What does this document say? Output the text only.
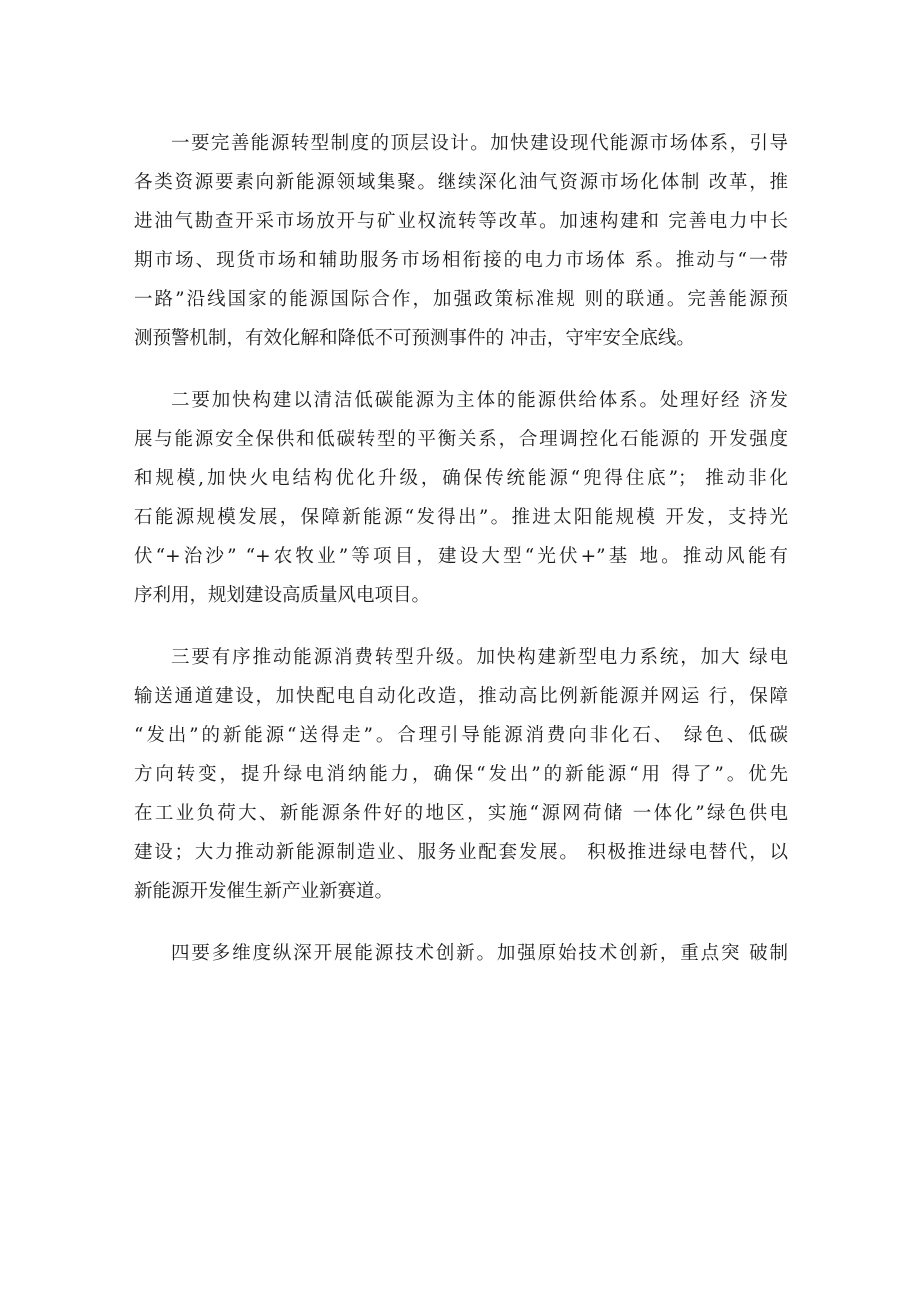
一要完善能源转型制度的顶层设计。加快建设现代能源市场体系，引导
各类资源要素向新能源领域集聚。继续深化油气资源市场化体制 改革，推
进油气勘查开采市场放开与矿业权流转等改革。加速构建和 完善电力中长
期市场、现货市场和辅助服务市场相衔接的电力市场体 系。推动与“一带
一路”沿线国家的能源国际合作，加强政策标准规 则的联通。完善能源预
测预警机制，有效化解和降低不可预测事件的 冲击，守牢安全底线。
二要加快构建以清洁低碳能源为主体的能源供给体系。处理好经 济发
展与能源安全保供和低碳转型的平衡关系，合理调控化石能源的 开发强度
和规模,加快火电结构优化升级，确保传统能源“兜得住底”； 推动非化
石能源规模发展，保障新能源“发得出”。推进太阳能规模 开发，支持光
伏“+治沙” “+农牧业”等项目，建设大型“光伏+”基 地。推动风能有
序利用，规划建设高质量风电项目。
三要有序推动能源消费转型升级。加快构建新型电力系统，加大 绿电
输送通道建设，加快配电自动化改造，推动高比例新能源并网运 行，保障
“发出”的新能源“送得走”。合理引导能源消费向非化石、 绿色、低碳
方向转变，提升绿电消纳能力，确保“发出”的新能源“用 得了”。优先
在工业负荷大、新能源条件好的地区，实施“源网荷储 一体化”绿色供电
建设；大力推动新能源制造业、服务业配套发展。 积极推进绿电替代，以
新能源开发催生新产业新赛道。
四要多维度纵深开展能源技术创新。加强原始技术创新，重点突 破制
